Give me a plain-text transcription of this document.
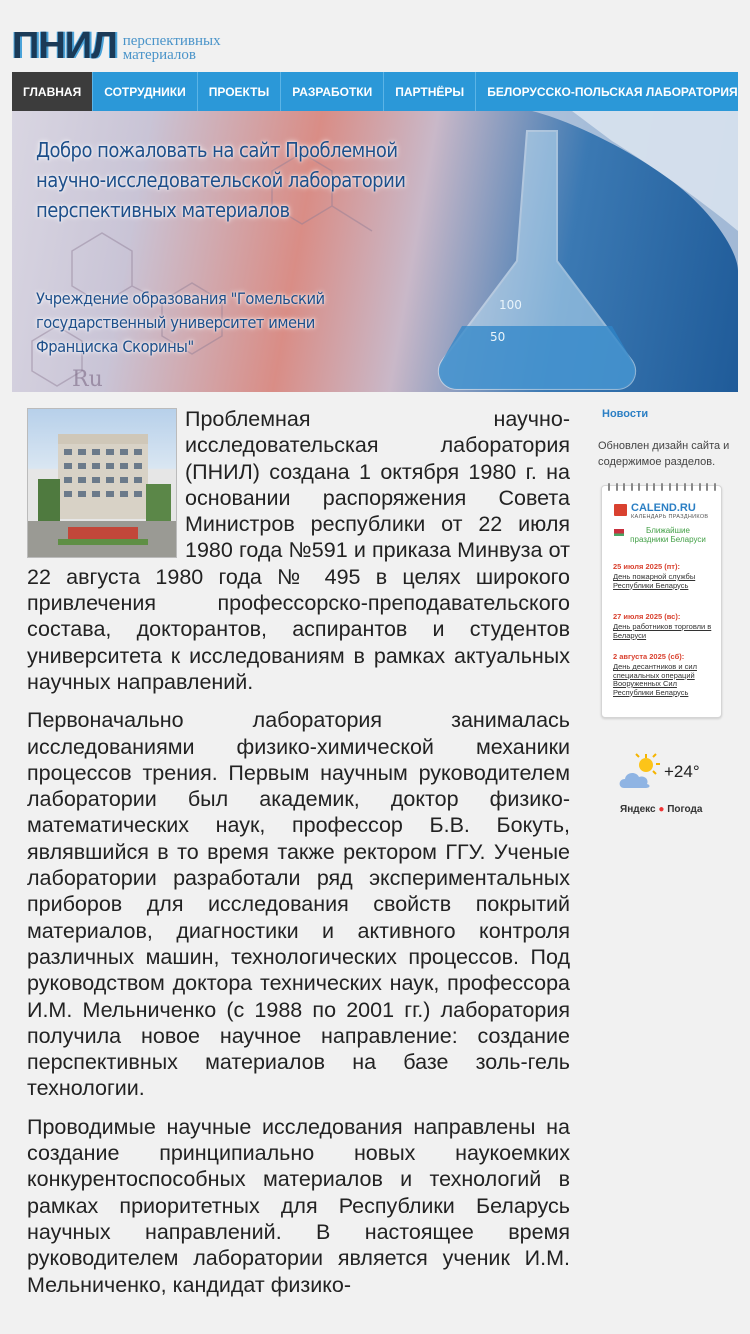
ПНИЛ перспективных
материалов
ГЛАВНАЯ	СОТРУДНИКИ	ПРОЕКТЫ	РАЗРАБОТКИ	ПАРТНЁРЫ	БЕЛОРУССКО-ПОЛЬСКАЯ ЛАБОРАТОРИЯ
100
50
Ru
Добро пожаловать на сайт Проблемной научно-исследовательской лаборатории перспективных материалов
Учреждение образования "Гомельский государственный университет имени Франциска Скорины"

Проблемная научно-исследовательская лаборатория (ПНИЛ) создана 1 октября 1980 г. на основании распоряжения Совета Министров республики от 22 июля 1980 года №591 и приказа Минвуза от 22 августа 1980 года № 495 в целях широкого привлечения профессорско-преподавательского состава, докторантов, аспирантов и студентов университета к исследованиям в рамках актуальных научных направлений.

Первоначально лаборатория занималась исследованиями физико-химической механики процессов трения. Первым научным руководителем лаборатории был академик, доктор физико-математических наук, профессор Б.В. Бокуть, являвшийся в то время также ректором ГГУ. Ученые лаборатории разработали ряд экспериментальных приборов для исследования свойств покрытий материалов, диагностики и активного контроля различных машин, технологических процессов. Под руководством доктора технических наук, профессора И.М. Мельниченко (с 1988 по 2001 гг.) лаборатория получила новое научное направление: создание перспективных материалов на базе золь-гель технологии.

Проводимые научные исследования направлены на создание принципиально новых наукоемких конкурентоспособных материалов и технологий в рамках приоритетных для Республики Беларусь научных направлений. В настоящее время руководителем лаборатории является ученик И.М. Мельниченко, кандидат физико-

Новости
Обновлен дизайн сайта и содержимое разделов.
CALEND.RU
КАЛЕНДАРЬ ПРАЗДНИКОВ
Ближайшие праздники Беларуси
25 июля 2025 (пт):
День пожарной службы Республики Беларусь
27 июля 2025 (вс):
День работников торговли в Беларуси
2 августа 2025 (сб):
День десантников и сил специальных операций Вооруженных Сил Республики Беларусь
+24°
Яндекс ● Погода
